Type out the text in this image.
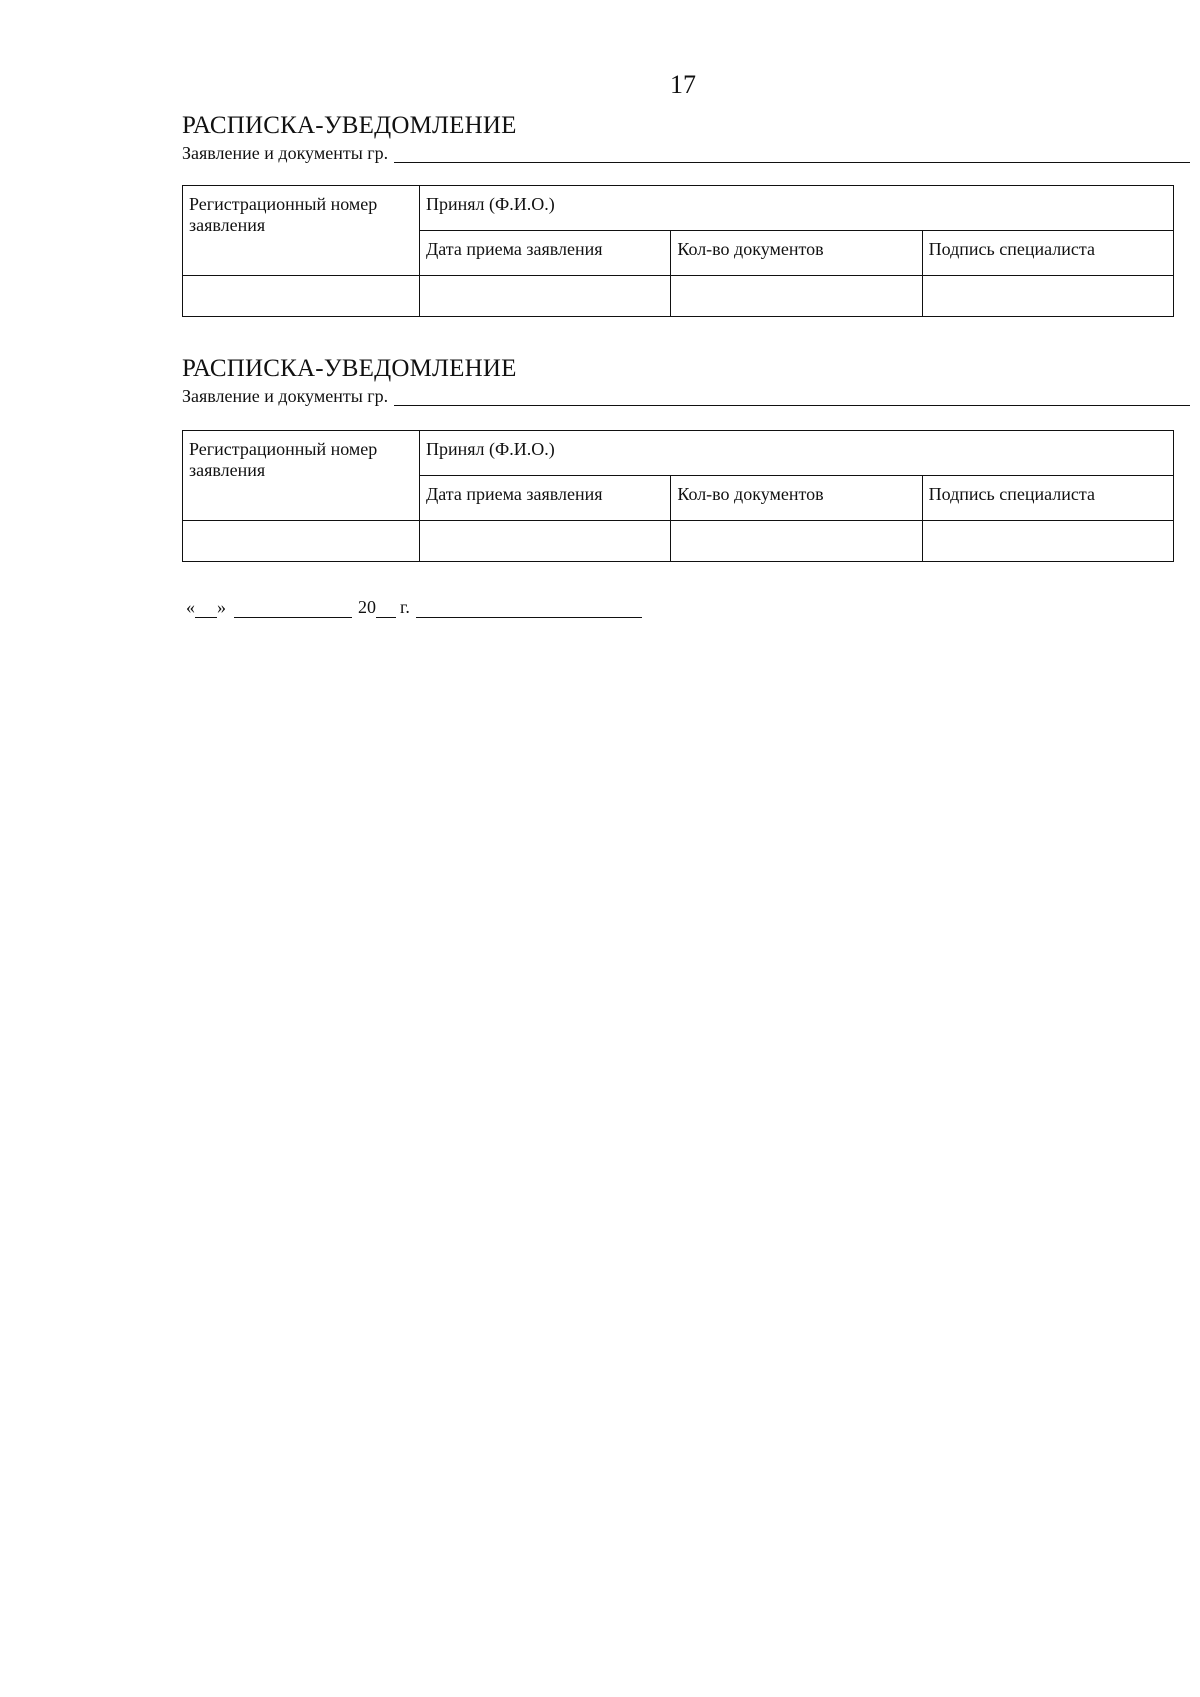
17
РАСПИСКА-УВЕДОМЛЕНИЕ
Заявление и документы гр.
Регистрационный номер заявления	Принял (Ф.И.О.)		
	Дата приема заявления	Кол-во документов	Подпись специалиста

РАСПИСКА-УВЕДОМЛЕНИЕ
Заявление и документы гр.
Регистрационный номер заявления	Принял (Ф.И.О.)		
	Дата приема заявления	Кол-во документов	Подпись специалиста

« »	20 г.
